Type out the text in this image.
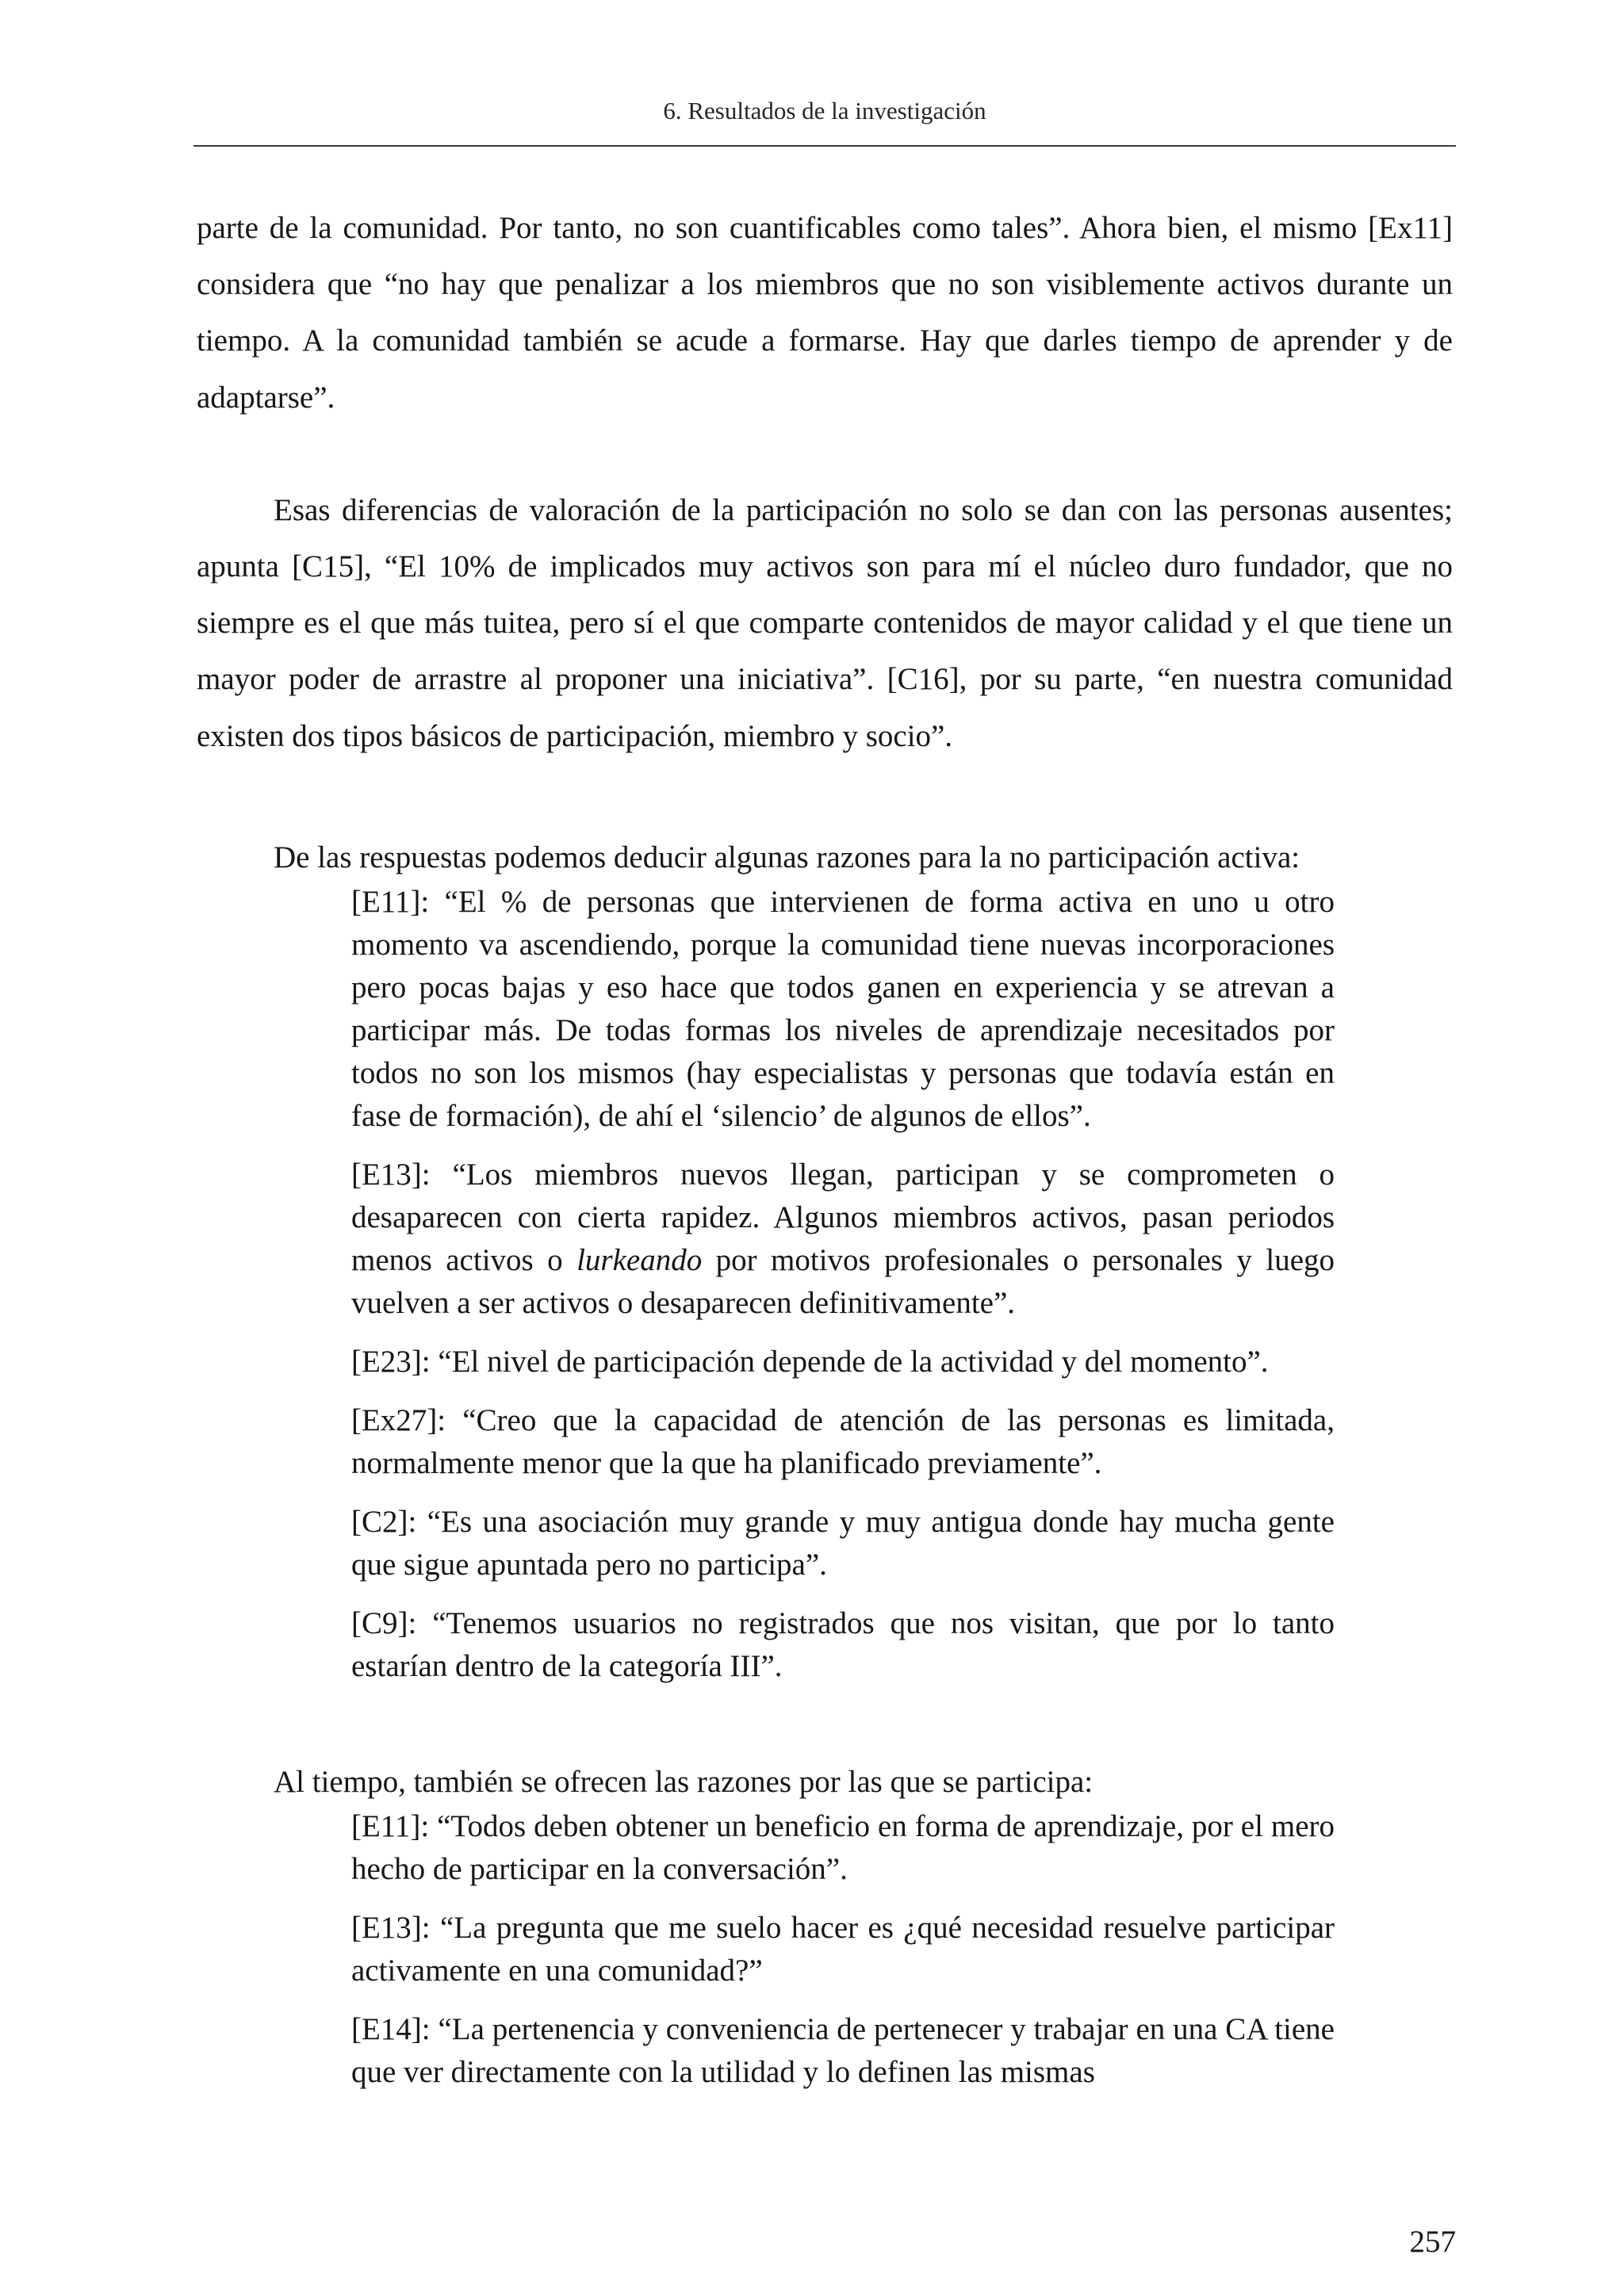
6. Resultados de la investigación

parte de la comunidad. Por tanto, no son cuantificables como tales”. Ahora bien, el mismo [Ex11] considera que “no hay que penalizar a los miembros que no son visiblemente activos durante un tiempo. A la comunidad también se acude a formarse. Hay que darles tiempo de aprender y de adaptarse”.

Esas diferencias de valoración de la participación no solo se dan con las personas ausentes; apunta [C15], “El 10% de implicados muy activos son para mí el núcleo duro fundador, que no siempre es el que más tuitea, pero sí el que comparte contenidos de mayor calidad y el que tiene un mayor poder de arrastre al proponer una iniciativa”. [C16], por su parte, “en nuestra comunidad existen dos tipos básicos de participación, miembro y socio”.

De las respuestas podemos deducir algunas razones para la no participación activa:

[E11]: “El % de personas que intervienen de forma activa en uno u otro momento va ascendiendo, porque la comunidad tiene nuevas incorporaciones pero pocas bajas y eso hace que todos ganen en experiencia y se atrevan a participar más. De todas formas los niveles de aprendizaje necesitados por todos no son los mismos (hay especialistas y personas que todavía están en fase de formación), de ahí el ‘silencio’ de algunos de ellos”.

[E13]: “Los miembros nuevos llegan, participan y se comprometen o desaparecen con cierta rapidez. Algunos miembros activos, pasan periodos menos activos o lurkeando por motivos profesionales o personales y luego vuelven a ser activos o desaparecen definitivamente”.

[E23]: “El nivel de participación depende de la actividad y del momento”.

[Ex27]: “Creo que la capacidad de atención de las personas es limitada, normalmente menor que la que ha planificado previamente”.

[C2]: “Es una asociación muy grande y muy antigua donde hay mucha gente que sigue apuntada pero no participa”.

[C9]: “Tenemos usuarios no registrados que nos visitan, que por lo tanto estarían dentro de la categoría III”.

Al tiempo, también se ofrecen las razones por las que se participa:

[E11]: “Todos deben obtener un beneficio en forma de aprendizaje, por el mero hecho de participar en la conversación”.

[E13]: “La pregunta que me suelo hacer es ¿qué necesidad resuelve participar activamente en una comunidad?”

[E14]: “La pertenencia y conveniencia de pertenecer y trabajar en una CA tiene que ver directamente con la utilidad y lo definen las mismas

257
